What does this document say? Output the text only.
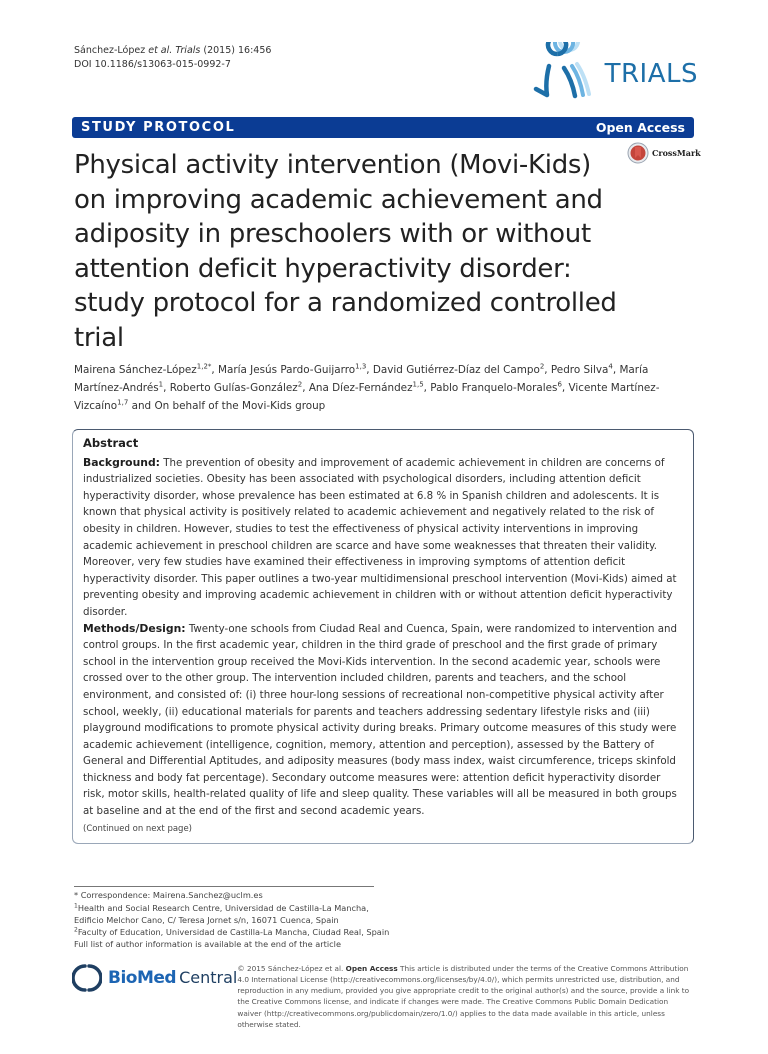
Sánchez-López et al. Trials (2015) 16:456
DOI 10.1186/s13063-015-0992-7	TRIALS
STUDY PROTOCOL	Open Access
Physical activity intervention (Movi-Kids) on improving academic achievement and adiposity in preschoolers with or without attention deficit hyperactivity disorder: study protocol for a randomized controlled trial
CrossMark
Mairena Sánchez-López$^{1,2*}$, María Jesús Pardo-Guijarro$^{1,3}$, David Gutiérrez-Díaz del Campo$^2$, Pedro Silva$^4$, María Martínez-Andrés$^1$, Roberto Gulías-González$^2$, Ana Díez-Fernández$^{1,5}$, Pablo Franquelo-Morales$^6$, Vicente Martínez-Vizcaíno$^{1,7}$ and On behalf of the Movi-Kids group
Abstract

Background: The prevention of obesity and improvement of academic achievement in children are concerns of industrialized societies. Obesity has been associated with psychological disorders, including attention deficit hyperactivity disorder, whose prevalence has been estimated at 6.8 % in Spanish children and adolescents. It is known that physical activity is positively related to academic achievement and negatively related to the risk of obesity in children. However, studies to test the effectiveness of physical activity interventions in improving academic achievement in preschool children are scarce and have some weaknesses that threaten their validity. Moreover, very few studies have examined their effectiveness in improving symptoms of attention deficit hyperactivity disorder. This paper outlines a two-year multidimensional preschool intervention (Movi-Kids) aimed at preventing obesity and improving academic achievement in children with or without attention deficit hyperactivity disorder.

Methods/Design: Twenty-one schools from Ciudad Real and Cuenca, Spain, were randomized to intervention and control groups. In the first academic year, children in the third grade of preschool and the first grade of primary school in the intervention group received the Movi-Kids intervention. In the second academic year, schools were crossed over to the other group. The intervention included children, parents and teachers, and the school environment, and consisted of: (i) three hour-long sessions of recreational non-competitive physical activity after school, weekly, (ii) educational materials for parents and teachers addressing sedentary lifestyle risks and (iii) playground modifications to promote physical activity during breaks. Primary outcome measures of this study were academic achievement (intelligence, cognition, memory, attention and perception), assessed by the Battery of General and Differential Aptitudes, and adiposity measures (body mass index, waist circumference, triceps skinfold thickness and body fat percentage). Secondary outcome measures were: attention deficit hyperactivity disorder risk, motor skills, health-related quality of life and sleep quality. These variables will all be measured in both groups at baseline and at the end of the first and second academic years.

(Continued on next page)
* Correspondence: Mairena.Sanchez@uclm.es
$^1$Health and Social Research Centre, Universidad de Castilla-La Mancha, Edificio Melchor Cano, C/ Teresa Jornet s/n, 16071 Cuenca, Spain
$^2$Faculty of Education, Universidad de Castilla-La Mancha, Ciudad Real, Spain
Full list of author information is available at the end of the article
BioMed Central © 2015 Sánchez-López et al. Open Access This article is distributed under the terms of the Creative Commons Attribution 4.0 International License (http://creativecommons.org/licenses/by/4.0/), which permits unrestricted use, distribution, and reproduction in any medium, provided you give appropriate credit to the original author(s) and the source, provide a link to the Creative Commons license, and indicate if changes were made. The Creative Commons Public Domain Dedication waiver (http://creativecommons.org/publicdomain/zero/1.0/) applies to the data made available in this article, unless otherwise stated.
